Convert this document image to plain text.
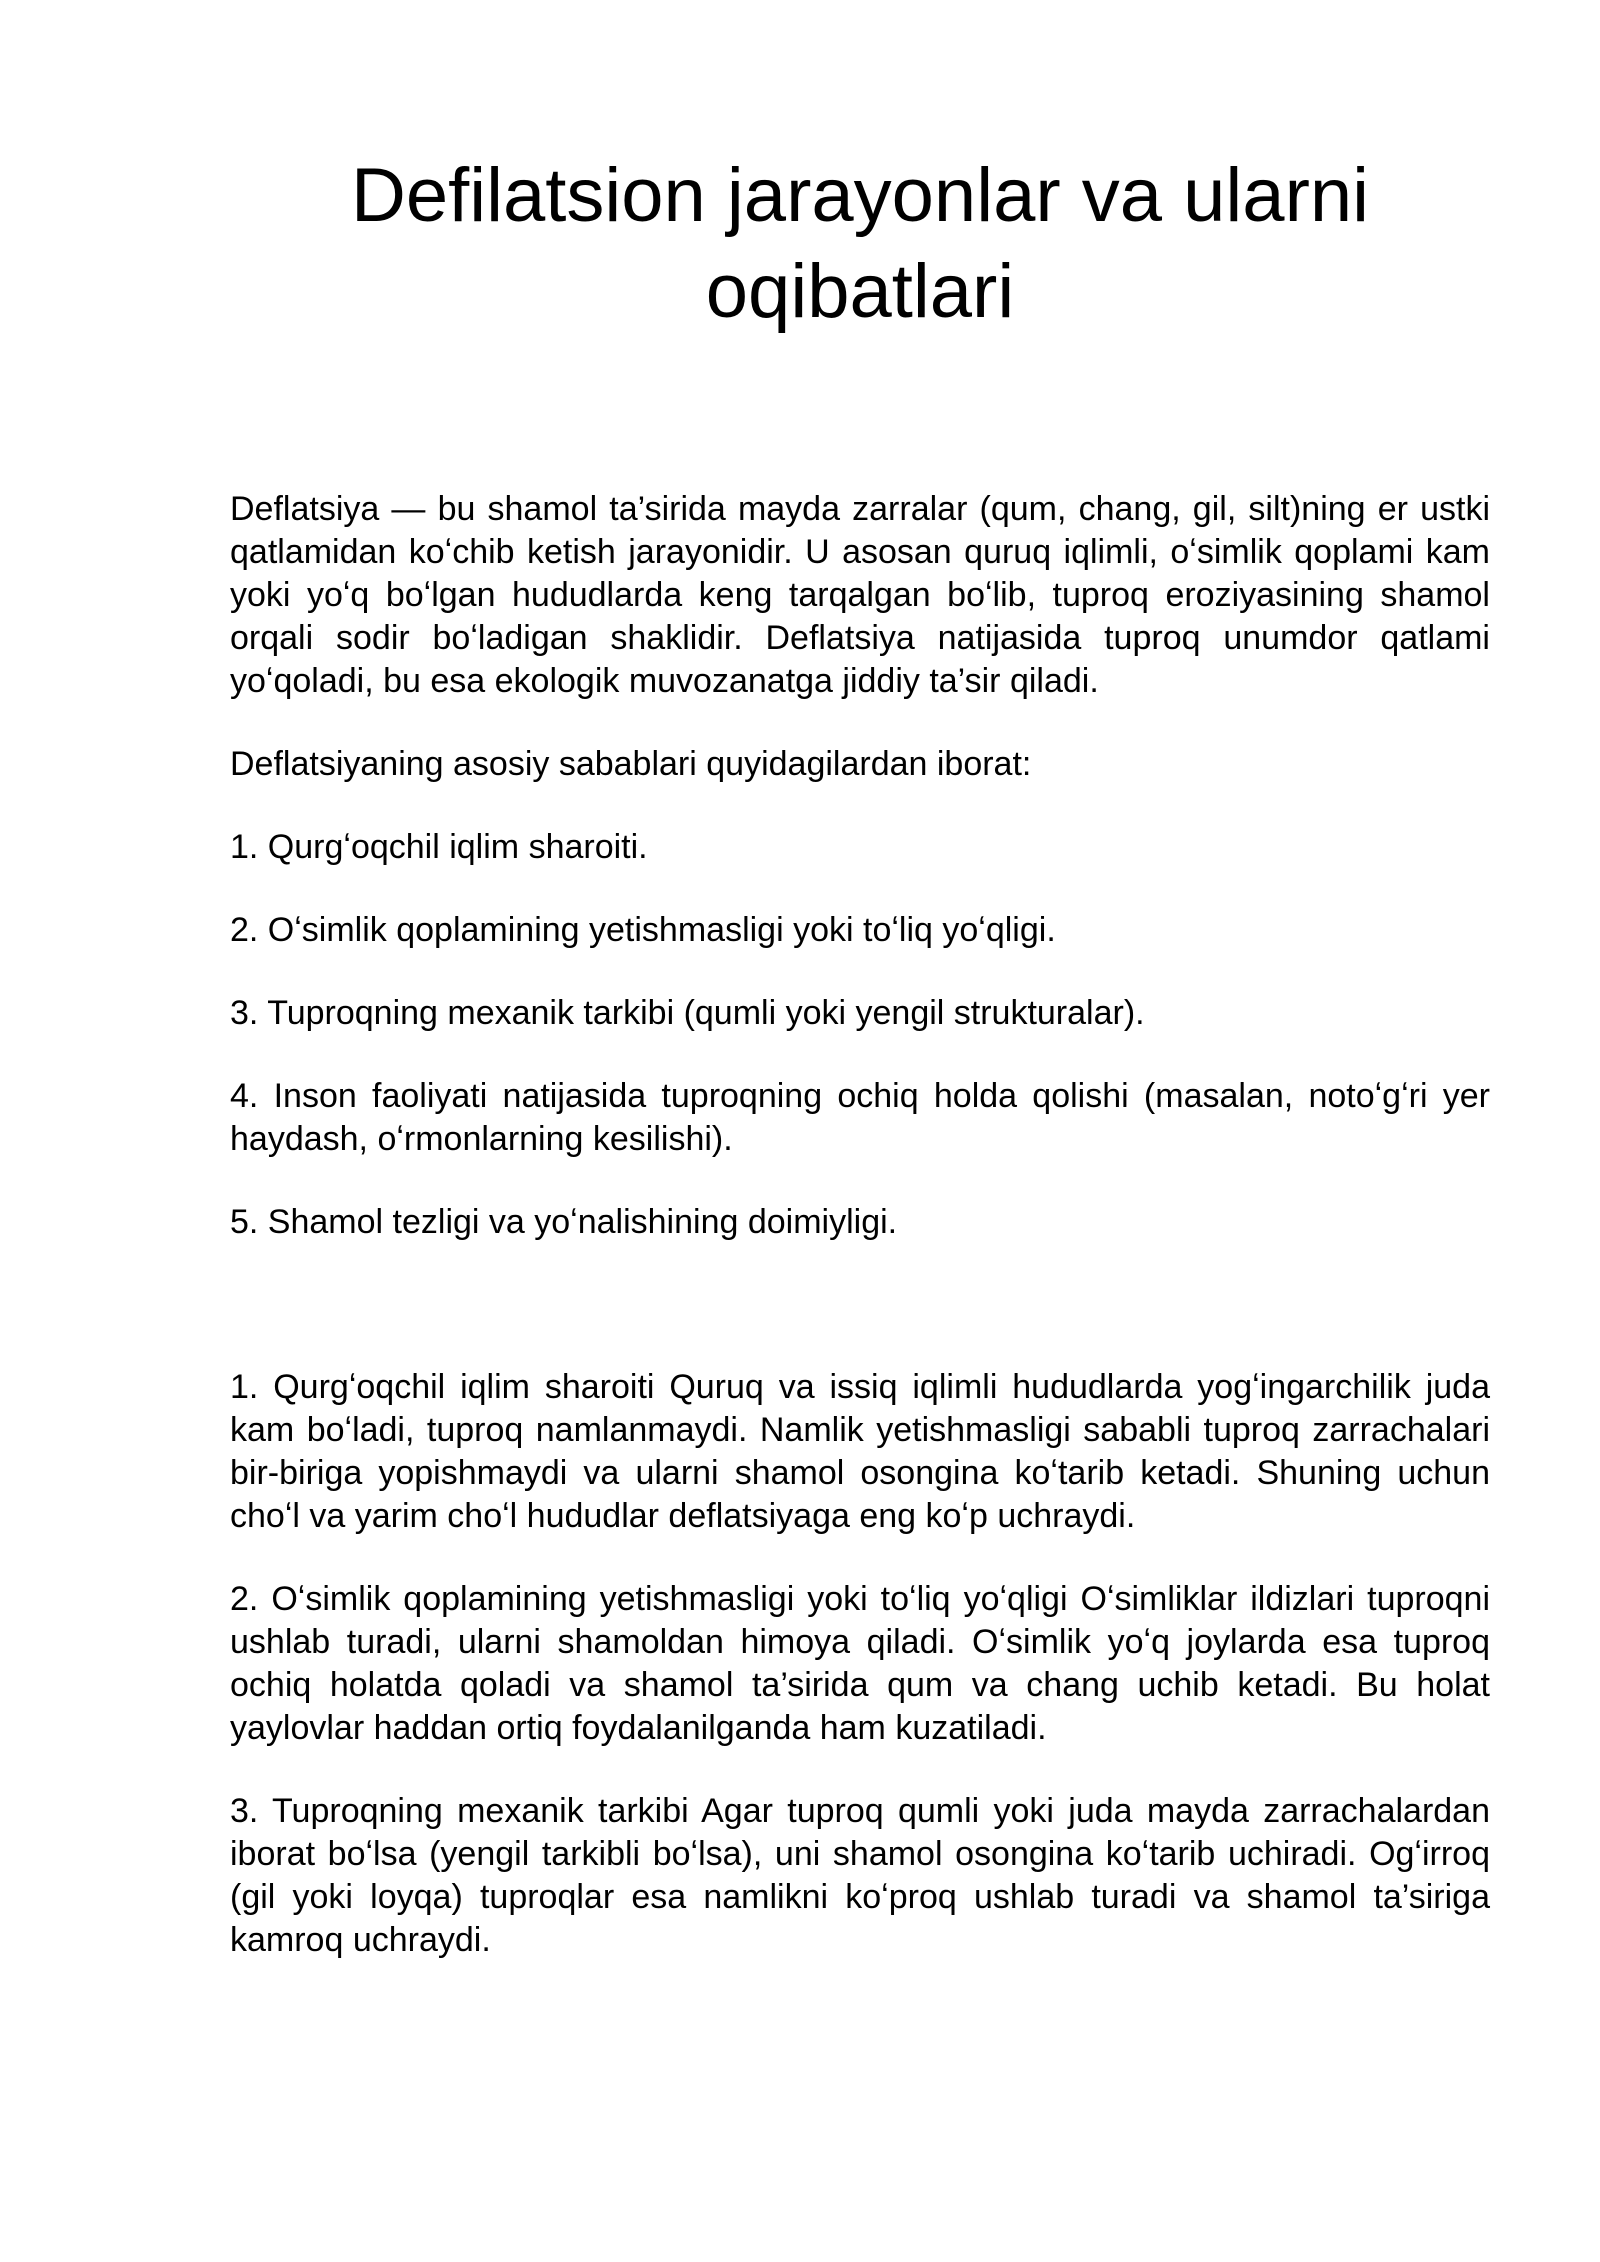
Defilatsion jarayonlar va ularni oqibatlari

Deflatsiya — bu shamol ta’sirida mayda zarralar (qum, chang, gil, silt)ning er ustki qatlamidan koʻchib ketish jarayonidir. U asosan quruq iqlimli, oʻsimlik qoplami kam yoki yoʻq boʻlgan hududlarda keng tarqalgan boʻlib, tuproq eroziyasining shamol orqali sodir boʻladigan shaklidir. Deflatsiya natijasida tuproq unumdor qatlami yoʻqoladi, bu esa ekologik muvozanatga jiddiy ta’sir qiladi.

Deflatsiyaning asosiy sabablari quyidagilardan iborat:

1. Qurgʻoqchil iqlim sharoiti.

2. Oʻsimlik qoplamining yetishmasligi yoki toʻliq yoʻqligi.

3. Tuproqning mexanik tarkibi (qumli yoki yengil strukturalar).

4. Inson faoliyati natijasida tuproqning ochiq holda qolishi (masalan, notoʻgʻri yer haydash, oʻrmonlarning kesilishi).

5. Shamol tezligi va yoʻnalishining doimiyligi.

1. Qurgʻoqchil iqlim sharoiti Quruq va issiq iqlimli hududlarda yogʻingarchilik juda kam boʻladi, tuproq namlanmaydi. Namlik yetishmasligi sababli tuproq zarrachalari bir-biriga yopishmaydi va ularni shamol osongina koʻtarib ketadi. Shuning uchun choʻl va yarim choʻl hududlar deflatsiyaga eng koʻp uchraydi.

2. Oʻsimlik qoplamining yetishmasligi yoki toʻliq yoʻqligi Oʻsimliklar ildizlari tuproqni ushlab turadi, ularni shamoldan himoya qiladi. Oʻsimlik yoʻq joylarda esa tuproq ochiq holatda qoladi va shamol ta’sirida qum va chang uchib ketadi. Bu holat yaylovlar haddan ortiq foydalanilganda ham kuzatiladi.

3. Tuproqning mexanik tarkibi Agar tuproq qumli yoki juda mayda zarrachalardan iborat boʻlsa (yengil tarkibli boʻlsa), uni shamol osongina koʻtarib uchiradi. Ogʻirroq (gil yoki loyqa) tuproqlar esa namlikni koʻproq ushlab turadi va shamol ta’siriga kamroq uchraydi.
